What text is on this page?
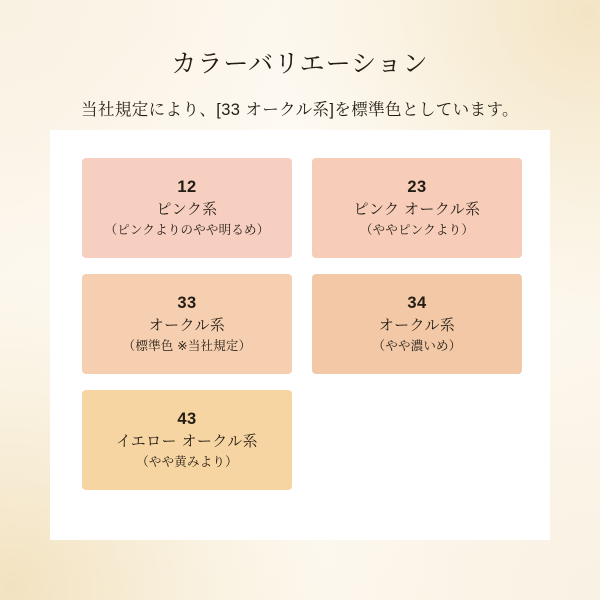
カラーバリエーション

当社規定により、[33 オークル系]を標準色としています。

12
ピンク系
（ピンクよりのやや明るめ）
23
ピンク オークル系
（ややピンクより）
33
オークル系
（標準色 ※当社規定）
34
オークル系
（やや濃いめ）
43
イエロー オークル系
（やや黄みより）
